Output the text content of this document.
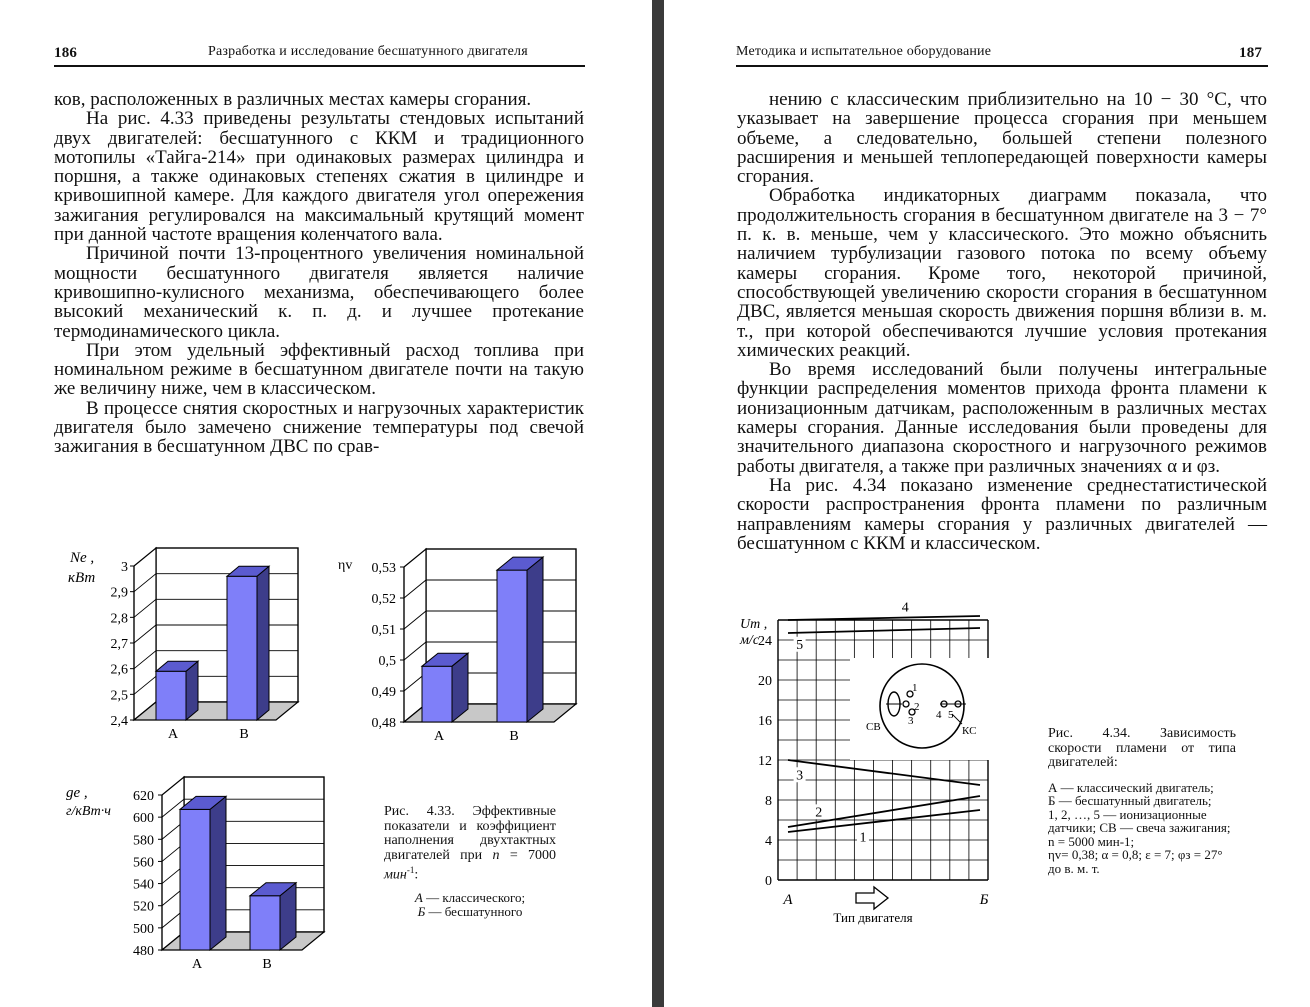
186	Разработка и исследование бесшатунного двигателя

ков, расположенных в различных местах камеры сгорания.

На рис. 4.33 приведены результаты стендовых испытаний двух двигателей: бесшатунного с ККМ и традиционного мотопилы «Тайга-214» при одинаковых размерах цилиндра и поршня, а также одинаковых степенях сжатия в цилиндре и кривошипной камере. Для каждого двигателя угол опережения зажигания регулировался на максимальный крутящий момент при данной частоте вращения коленчатого вала.

Причиной почти 13-процентного увеличения номинальной мощности бесшатунного двигателя является наличие кривошипно-кулисного механизма, обеспечивающего более высокий механический к. п. д. и лучшее протекание термодинамического цикла.

При этом удельный эффективный расход топлива при номинальном режиме в бесшатунном двигателе почти на такую же величину ниже, чем в классическом.

В процессе снятия скоростных и нагрузочных характеристик двигателя было замечено снижение температуры под свечой зажигания в бесшатунном ДВС по срав-

2,4
2,5
2,6
2,7
2,8
2,9
3
A	B
Ne ,
кВт
0,48
0,49
0,5
0,51
0,52
0,53
A	B
ηv
480
500
520
540
560
580
600
620
A	B
ge ,
г/кВт·ч	Рис. 4.33. Эффективные показатели и коэффициент наполнения двухтактных двигателей при n = 7000 мин$^{-1}$:
А — классического;
Б — бесшатунного
Методика и испытательное оборудование	187

нению с классическим приблизительно на 10 − 30 °C, что указывает на завершение процесса сгорания при меньшем объеме, а следовательно, большей степени полезного расширения и меньшей теплопередающей поверхности камеры сгорания.

Обработка индикаторных диаграмм показала, что продолжительность сгорания в бесшатунном двигателе на 3 − 7° п. к. в. меньше, чем у классического. Это можно объяснить наличием турбулизации газового потока по всему объему камеры сгорания. Кроме того, некоторой причиной, способствующей увеличению скорости сгорания в бесшатунном ДВС, является меньшая скорость движения поршня вблизи в. м. т., при которой обеспечиваются лучшие условия протекания химических реакций.

Во время исследований были получены интегральные функции распределения моментов прихода фронта пламени к ионизационным датчикам, расположенным в различных местах камеры сгорания. Данные исследования были проведены для значительного диапазона скоростного и нагрузочного режимов работы двигателя, а также при различных значениях α и φз.

На рис. 4.34 показано изменение среднестатистической скорости распространения фронта пламени по различным направлениям камеры сгорания у различных двигателей — бесшатунном с ККМ и классическом.

0
4
8
12
16
20
24
Um ,
м/с
1
2
3
4
5
А	Б
Тип двигателя
1
2
3 4 5
СВ	КС	Рис. 4.34. Зависимость скорости пламени от типа двигателей:
А — классический двигатель;
Б — бесшатунный двигатель;
1, 2, …, 5 — ионизационные датчики; СВ — свеча зажигания; n = 5000 мин-1;
ηv= 0,38; α = 0,8; ε = 7; φз = 27° до в. м. т.
